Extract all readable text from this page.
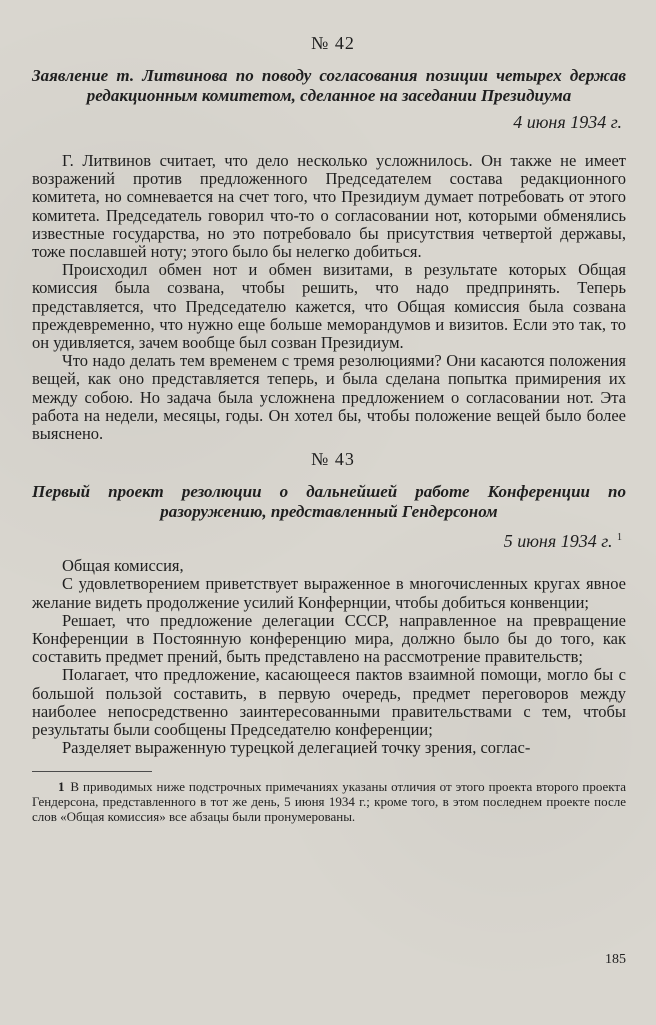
№ 42
Заявление т. Литвинова по поводу согласования позиции четырех держав редакционным комитетом, сделанное на заседании Президиума
4 июня 1934 г.

Г. Литвинов считает, что дело несколько усложнилось. Он также не имеет возражений против предложенного Председателем состава редакционного комитета, но сомневается на счет того, что Президиум думает потребовать от этого комитета. Председатель говорил что-то о согласовании нот, которыми обменялись известные государства, но это потребовало бы присутствия четвертой державы, тоже пославшей ноту; этого было бы нелегко добиться.

Происходил обмен нот и обмен визитами, в результате которых Общая комиссия была созвана, чтобы решить, что надо предпринять. Теперь представляется, что Председателю кажется, что Общая комиссия была созвана преждевременно, что нужно еще больше меморандумов и визитов. Если это так, то он удивляется, зачем вообще был созван Президиум.

Что надо делать тем временем с тремя резолюциями? Они касаются положения вещей, как оно представляется теперь, и была сделана попытка примирения их между собою. Но задача была усложнена предложением о согласовании нот. Эта работа на недели, месяцы, годы. Он хотел бы, чтобы положение вещей было более выяснено.

№ 43
Первый проект резолюции о дальнейшей работе Конференции по разоружению, представленный Гендерсоном
5 июня 1934 г. $^1$

Общая комиссия,

С удовлетворением приветствует выраженное в многочисленных кругах явное желание видеть продолжение усилий Конфернции, чтобы добиться конвенции;

Решает, что предложение делегации СССР, направленное на превращение Конференции в Постоянную конференцию мира, должно было бы до того, как составить предмет прений, быть представлено на рассмотрение правительств;

Полагает, что предложение, касающееся пактов взаимной помощи, могло бы с большой пользой составить, в первую очередь, предмет переговоров между наиболее непосредственно заинтересованными правительствами с тем, чтобы результаты были сообщены Председателю конференции;

Разделяет выраженную турецкой делегацией точку зрения, соглас-

1 В приводимых ниже подстрочных примечаниях указаны отличия от этого проекта второго проекта Гендерсона, представленного в тот же день, 5 июня 1934 г.; кроме того, в этом последнем проекте после слов «Общая комиссия» все абзацы были пронумерованы.

185
